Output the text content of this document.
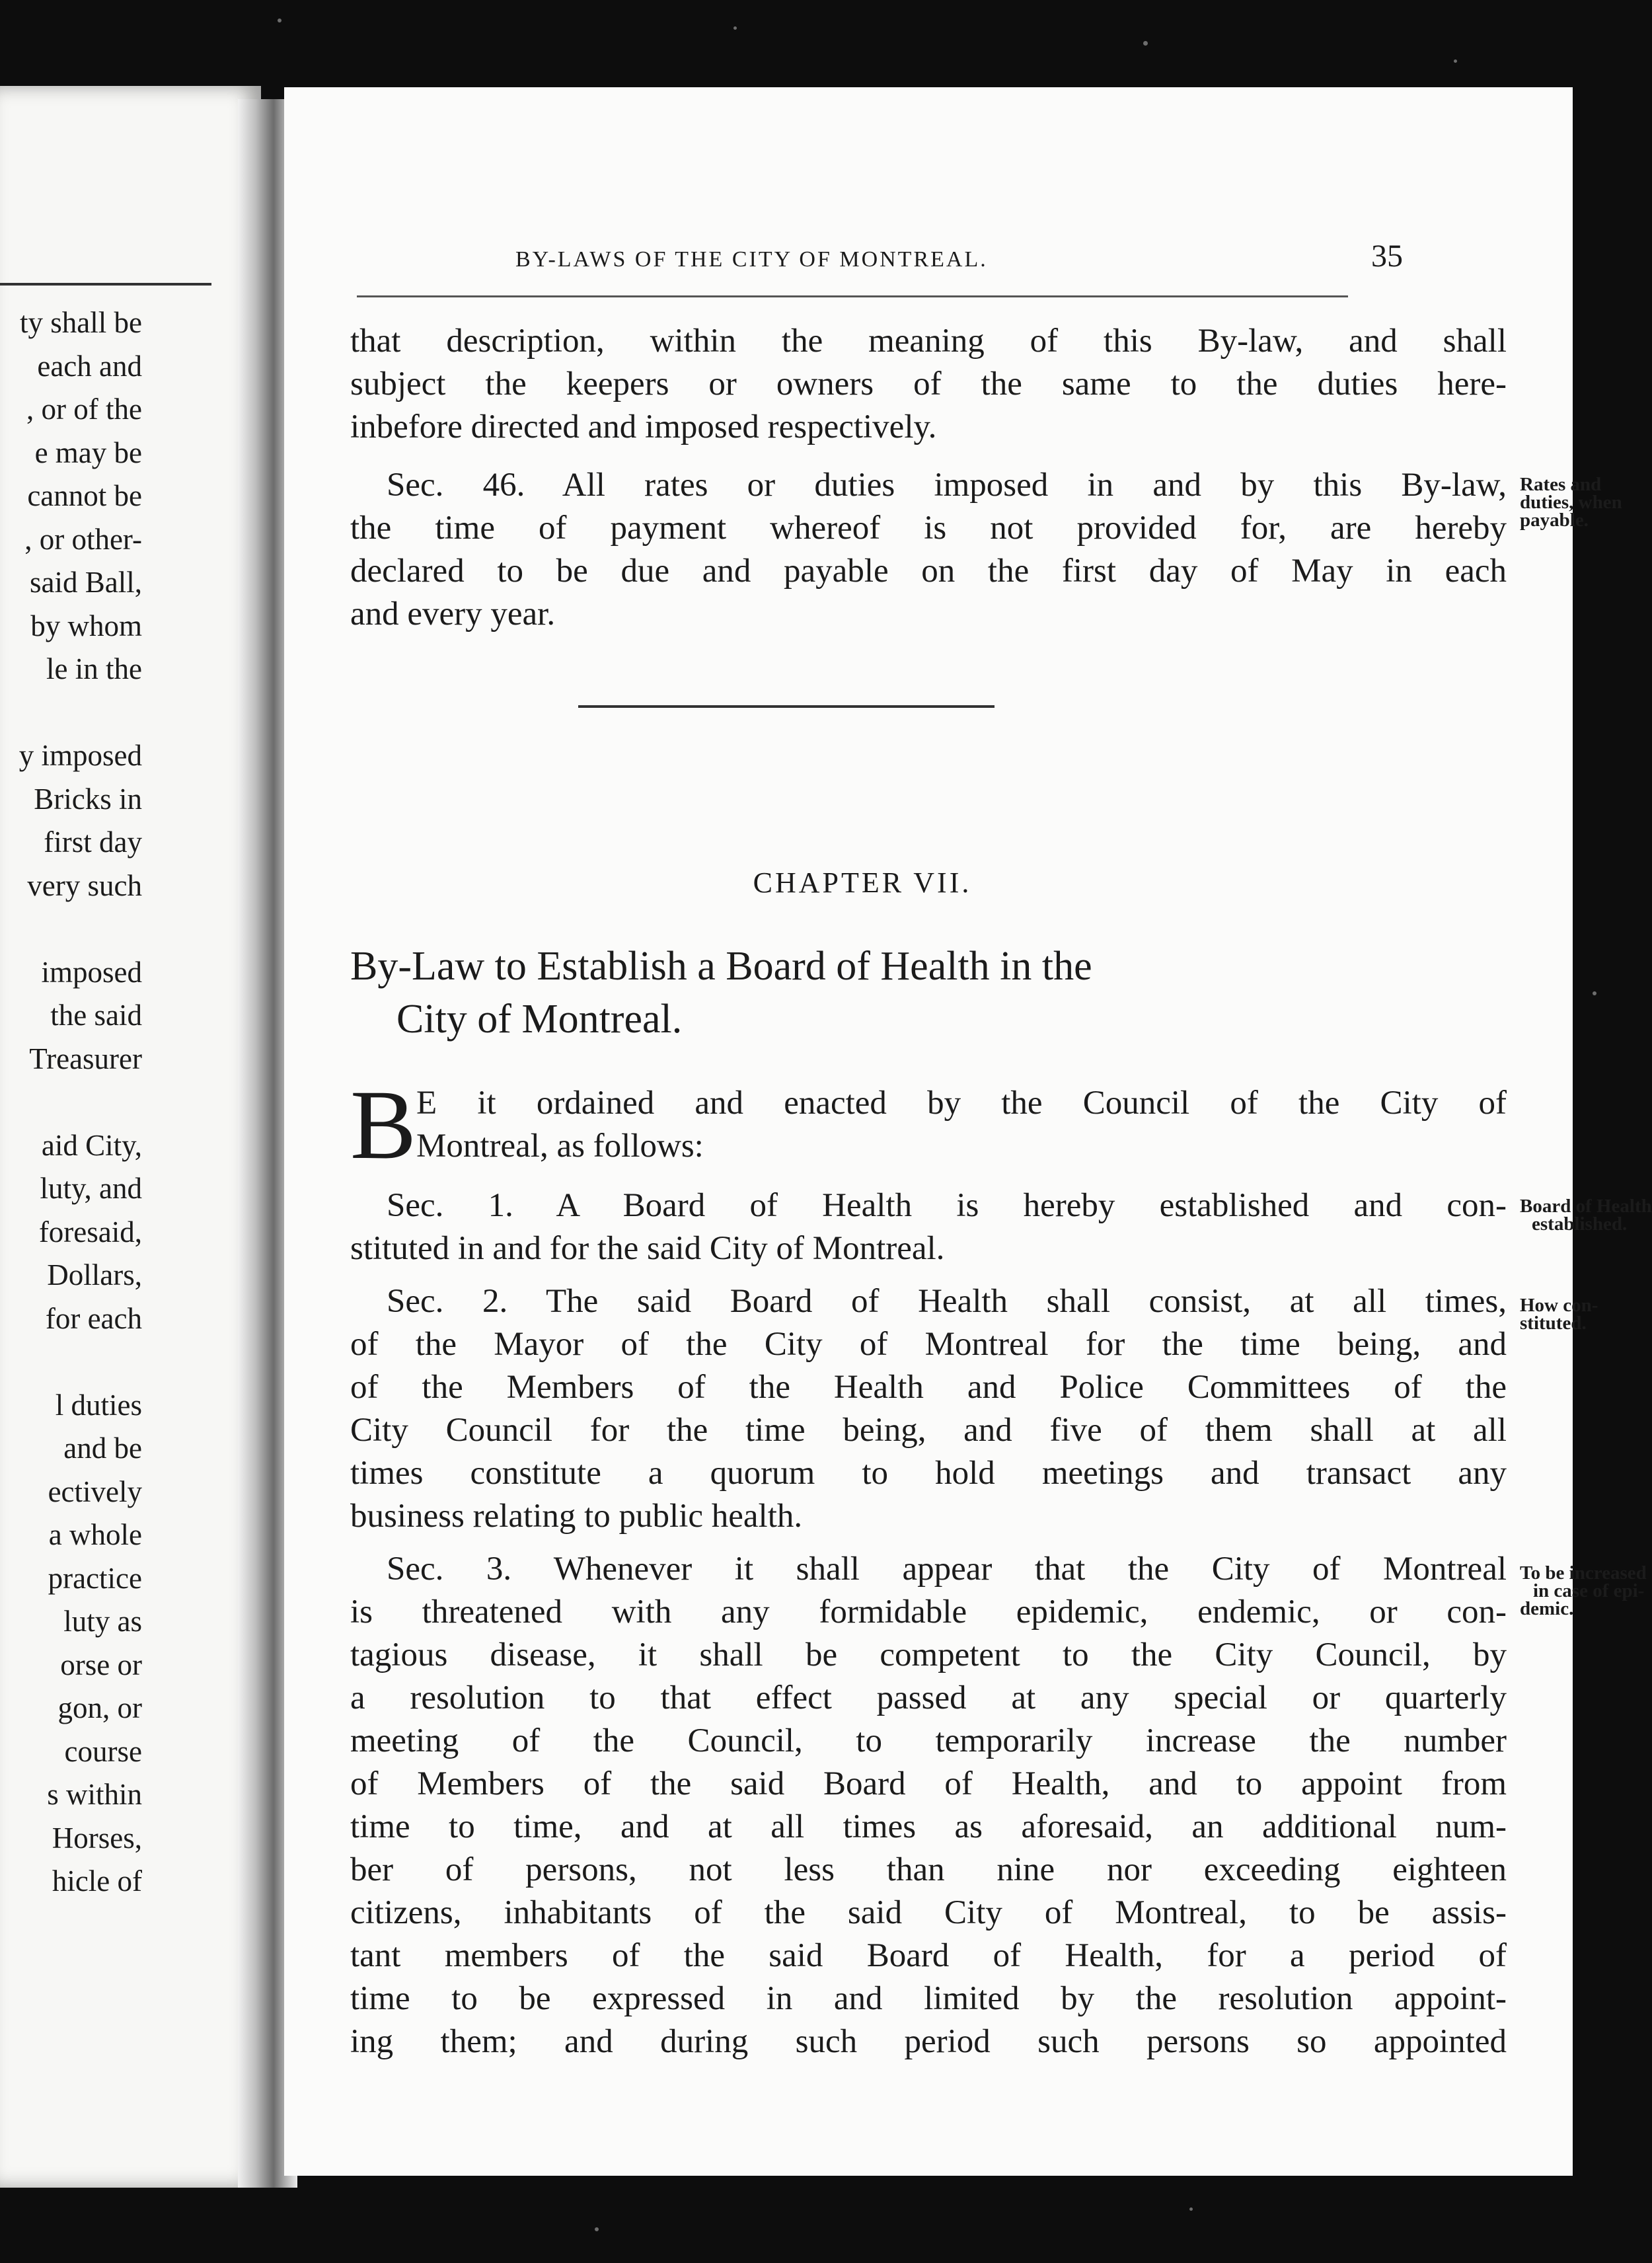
ty shall be
each and
, or of the
e may be
cannot be
, or other-
said Ball,
by whom
le in the
y imposed
Bricks in
first day
very such
imposed
the said
Treasurer
aid City,
luty, and
foresaid,
Dollars,
for each
l duties
and be
ectively
a whole
practice
luty as
orse or
gon, or
course
s within
Horses,
hicle of
BY-LAWS OF THE CITY OF MONTREAL.	35
that description, within the meaning of this By-law, and shall
subject the keepers or owners of the same to the duties here-
inbefore directed and imposed respectively.
Sec. 46. All rates or duties imposed in and by this By-law,
the time of payment whereof is not provided for, are hereby
declared to be due and payable on the first day of May in each
and every year.
Rates and
duties, when
payable.
CHAPTER VII.
By-Law to Establish a Board of Health in the
City of Montreal.
B E it ordained and enacted by the Council of the City of
Montreal, as follows:
Sec. 1. A Board of Health is hereby established and con-
stituted in and for the said City of Montreal.
Board of Health
established.
Sec. 2. The said Board of Health shall consist, at all times,
of the Mayor of the City of Montreal for the time being, and
of the Members of the Health and Police Committees of the
City Council for the time being, and five of them shall at all
times constitute a quorum to hold meetings and transact any
business relating to public health.
How con-
stituted.
Sec. 3. Whenever it shall appear that the City of Montreal
is threatened with any formidable epidemic, endemic, or con-
tagious disease, it shall be competent to the City Council, by
a resolution to that effect passed at any special or quarterly
meeting of the Council, to temporarily increase the number
of Members of the said Board of Health, and to appoint from
time to time, and at all times as aforesaid, an additional num-
ber of persons, not less than nine nor exceeding eighteen
citizens, inhabitants of the said City of Montreal, to be assis-
tant members of the said Board of Health, for a period of
time to be expressed in and limited by the resolution appoint-
ing them; and during such period such persons so appointed
To be increased
in case of epi-
demic.
